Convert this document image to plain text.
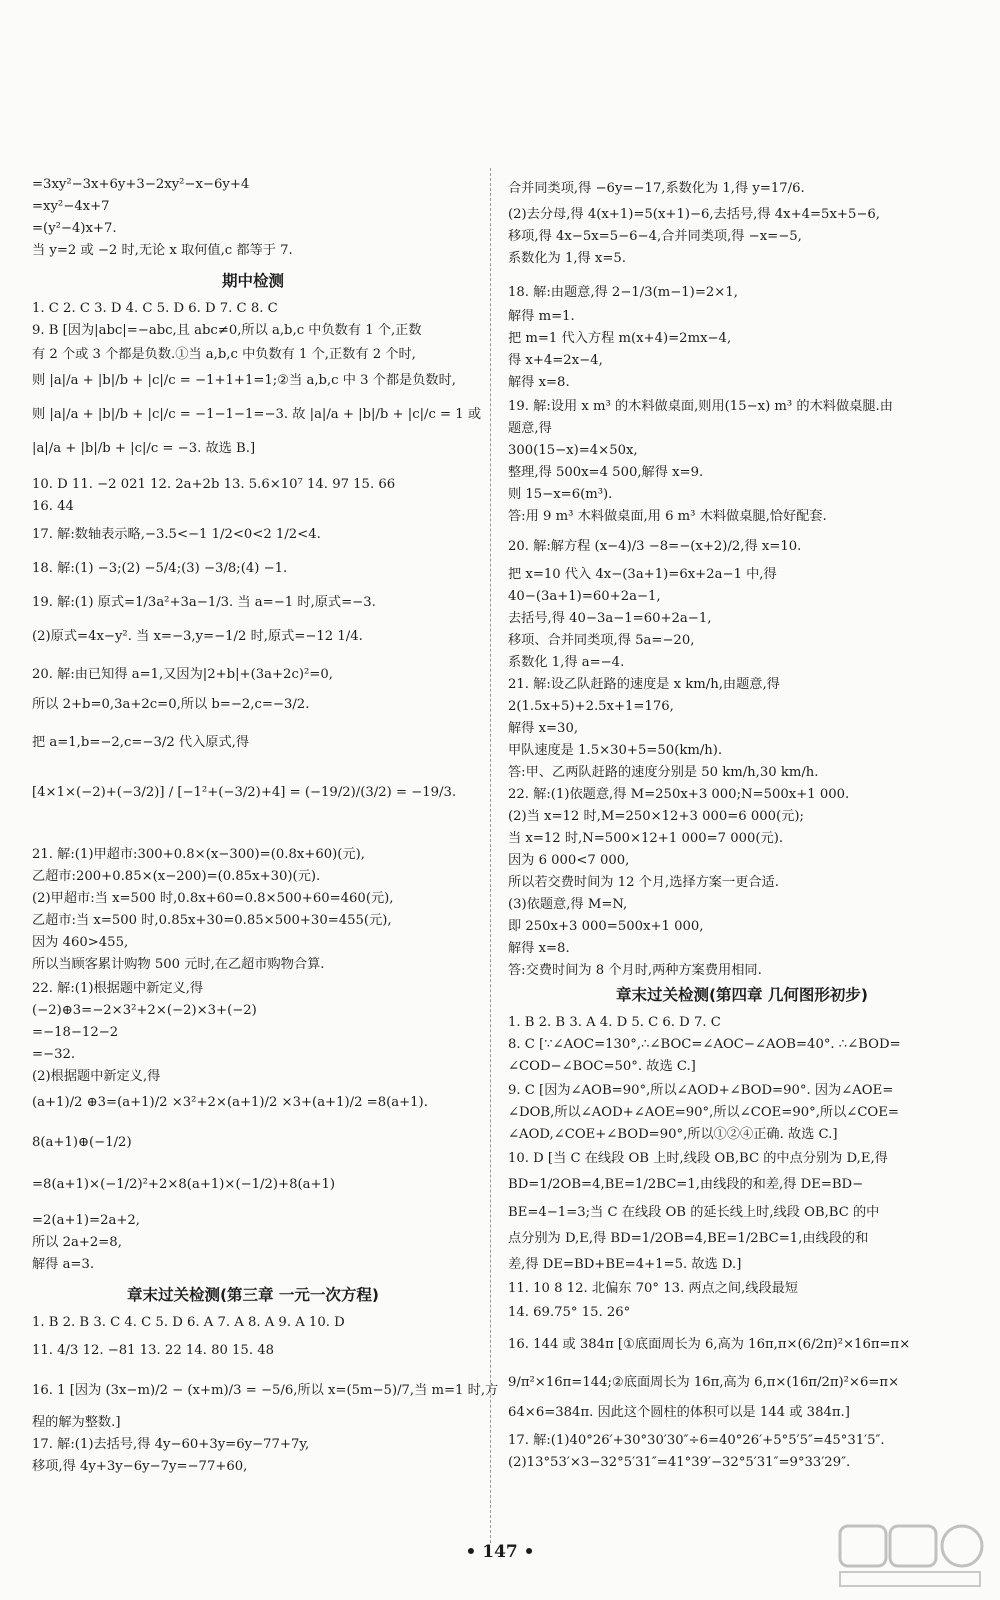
=3xy²−3x+6y+3−2xy²−x−6y+4
=xy²−4x+7
=(y²−4)x+7.
当 y=2 或 −2 时,无论 x 取何值,c 都等于 7.
期中检测
1. C 2. C 3. D 4. C 5. D 6. D 7. C 8. C
9. B [因为|abc|=−abc,且 abc≠0,所以 a,b,c 中负数有 1 个,正数
有 2 个或 3 个都是负数.①当 a,b,c 中负数有 1 个,正数有 2 个时,
则 |a|/a + |b|/b + |c|/c = −1+1+1=1;②当 a,b,c 中 3 个都是负数时,
则 |a|/a + |b|/b + |c|/c = −1−1−1=−3. 故 |a|/a + |b|/b + |c|/c = 1 或
|a|/a + |b|/b + |c|/c = −3. 故选 B.]
10. D 11. −2 021 12. 2a+2b 13. 5.6×10⁷ 14. 97 15. 66
16. 44
17. 解:数轴表示略,−3.5<−1 1/2<0<2 1/2<4.
18. 解:(1) −3;(2) −5/4;(3) −3/8;(4) −1.
19. 解:(1) 原式=1/3a²+3a−1/3. 当 a=−1 时,原式=−3.
(2)原式=4x−y². 当 x=−3,y=−1/2 时,原式=−12 1/4.
20. 解:由已知得 a=1,又因为|2+b|+(3a+2c)²=0,
所以 2+b=0,3a+2c=0,所以 b=−2,c=−3/2.
把 a=1,b=−2,c=−3/2 代入原式,得
[4×1×(−2)+(−3/2)] / [−1²+(−3/2)+4] = (−19/2)/(3/2) = −19/3.
21. 解:(1)甲超市:300+0.8×(x−300)=(0.8x+60)(元),
乙超市:200+0.85×(x−200)=(0.85x+30)(元).
(2)甲超市:当 x=500 时,0.8x+60=0.8×500+60=460(元),
乙超市:当 x=500 时,0.85x+30=0.85×500+30=455(元),
因为 460>455,
所以当顾客累计购物 500 元时,在乙超市购物合算.
22. 解:(1)根据题中新定义,得
(−2)⊕3=−2×3²+2×(−2)×3+(−2)
=−18−12−2
=−32.
(2)根据题中新定义,得
(a+1)/2 ⊕3=(a+1)/2 ×3²+2×(a+1)/2 ×3+(a+1)/2 =8(a+1).
8(a+1)⊕(−1/2)
=8(a+1)×(−1/2)²+2×8(a+1)×(−1/2)+8(a+1)
=2(a+1)=2a+2,
所以 2a+2=8,
解得 a=3.
章末过关检测(第三章 一元一次方程)
1. B 2. B 3. C 4. C 5. D 6. A 7. A 8. A 9. A 10. D
11. 4/3 12. −81 13. 22 14. 80 15. 48
16. 1 [因为 (3x−m)/2 − (x+m)/3 = −5/6,所以 x=(5m−5)/7,当 m=1 时,方
程的解为整数.]
17. 解:(1)去括号,得 4y−60+3y=6y−77+7y,
移项,得 4y+3y−6y−7y=−77+60,
合并同类项,得 −6y=−17,系数化为 1,得 y=17/6.
(2)去分母,得 4(x+1)=5(x+1)−6,去括号,得 4x+4=5x+5−6,
移项,得 4x−5x=5−6−4,合并同类项,得 −x=−5,
系数化为 1,得 x=5.
18. 解:由题意,得 2−1/3(m−1)=2×1,
解得 m=1.
把 m=1 代入方程 m(x+4)=2mx−4,
得 x+4=2x−4,
解得 x=8.
19. 解:设用 x m³ 的木料做桌面,则用(15−x) m³ 的木料做桌腿.由
题意,得
300(15−x)=4×50x,
整理,得 500x=4 500,解得 x=9.
则 15−x=6(m³).
答:用 9 m³ 木料做桌面,用 6 m³ 木料做桌腿,恰好配套.
20. 解:解方程 (x−4)/3 −8=−(x+2)/2,得 x=10.
把 x=10 代入 4x−(3a+1)=6x+2a−1 中,得
40−(3a+1)=60+2a−1,
去括号,得 40−3a−1=60+2a−1,
移项、合并同类项,得 5a=−20,
系数化 1,得 a=−4.
21. 解:设乙队赶路的速度是 x km/h,由题意,得
2(1.5x+5)+2.5x+1=176,
解得 x=30,
甲队速度是 1.5×30+5=50(km/h).
答:甲、乙两队赶路的速度分别是 50 km/h,30 km/h.
22. 解:(1)依题意,得 M=250x+3 000;N=500x+1 000.
(2)当 x=12 时,M=250×12+3 000=6 000(元);
当 x=12 时,N=500×12+1 000=7 000(元).
因为 6 000<7 000,
所以若交费时间为 12 个月,选择方案一更合适.
(3)依题意,得 M=N,
即 250x+3 000=500x+1 000,
解得 x=8.
答:交费时间为 8 个月时,两种方案费用相同.
章末过关检测(第四章 几何图形初步)
1. B 2. B 3. A 4. D 5. C 6. D 7. C
8. C [∵∠AOC=130°,∴∠BOC=∠AOC−∠AOB=40°. ∴∠BOD=
∠COD−∠BOC=50°. 故选 C.]
9. C [因为∠AOB=90°,所以∠AOD+∠BOD=90°. 因为∠AOE=
∠DOB,所以∠AOD+∠AOE=90°,所以∠COE=90°,所以∠COE=
∠AOD,∠COE+∠BOD=90°,所以①②④正确. 故选 C.]
10. D [当 C 在线段 OB 上时,线段 OB,BC 的中点分别为 D,E,得
BD=1/2OB=4,BE=1/2BC=1,由线段的和差,得 DE=BD−
BE=4−1=3;当 C 在线段 OB 的延长线上时,线段 OB,BC 的中
点分别为 D,E,得 BD=1/2OB=4,BE=1/2BC=1,由线段的和
差,得 DE=BD+BE=4+1=5. 故选 D.]
11. 10 8 12. 北偏东 70° 13. 两点之间,线段最短
14. 69.75° 15. 26°
16. 144 或 384π [①底面周长为 6,高为 16π,π×(6/2π)²×16π=π×
9/π²×16π=144;②底面周长为 16π,高为 6,π×(16π/2π)²×6=π×
64×6=384π. 因此这个圆柱的体积可以是 144 或 384π.]
17. 解:(1)40°26′+30°30′30″÷6=40°26′+5°5′5″=45°31′5″.
(2)13°53′×3−32°5′31″=41°39′−32°5′31″=9°33′29″.
• 147 •
